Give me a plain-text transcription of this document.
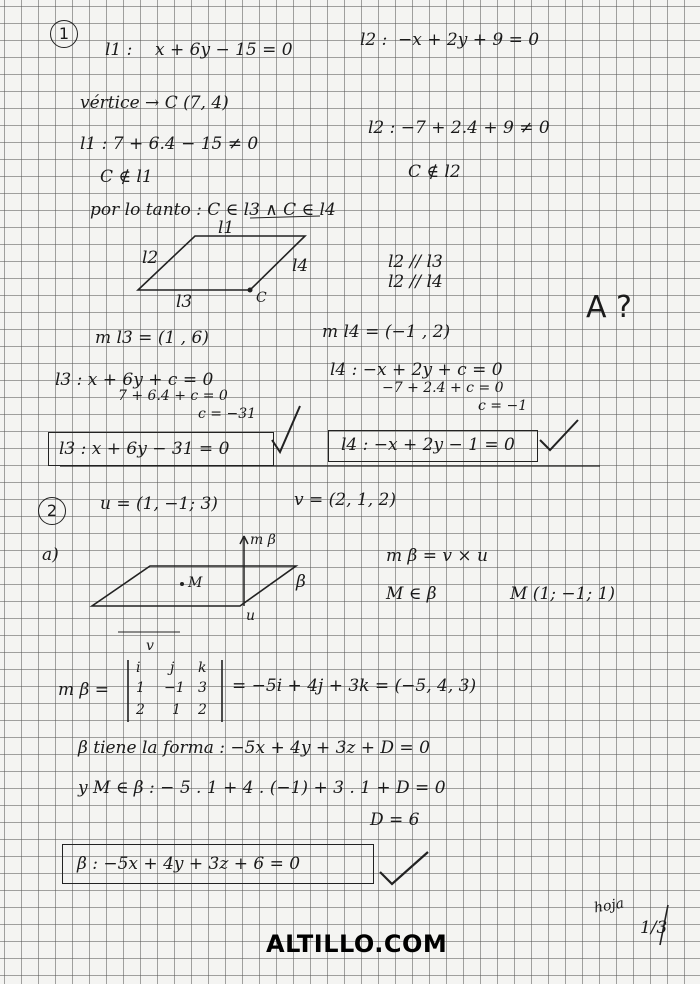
1
l1 : x + 6y − 15 = 0	l2 : −x + 2y + 9 = 0
vértice → C (7, 4)
l1 : 7 + 6.4 − 15 ≠ 0
l2 : −7 + 2.4 + 9 ≠ 0
C ∉ l1	C ∉ l2
por lo tanto : C ∈ l3 ∧ C ∈ l4
l1
l2
l3
l4
C
l2 // l3
l2 // l4
A ?
m l3 = (1 , 6)	m l4 = (−1 , 2)
l3 : x + 6y + c = 0
7 + 6.4 + c = 0
c = −31
l4 : −x + 2y + c = 0
−7 + 2.4 + c = 0
c = −1
l3 : x + 6y − 31 = 0	l4 : −x + 2y − 1 = 0
2	u = (1, −1; 3)	v = (2, 1, 2)
a)
m β
β
M
u
v
m β = v × u
M ∈ β	M (1; −1; 1)
m β =
i j k
1 −1 3
2 1 2
= −5i + 4j + 3k = (−5, 4, 3)
β tiene la forma : −5x + 4y + 3z + D = 0
y M ∈ β : − 5 . 1 + 4 . (−1) + 3 . 1 + D = 0
D = 6
β : −5x + 4y + 3z + 6 = 0
hoja
1/3
ALTILLO.COM
